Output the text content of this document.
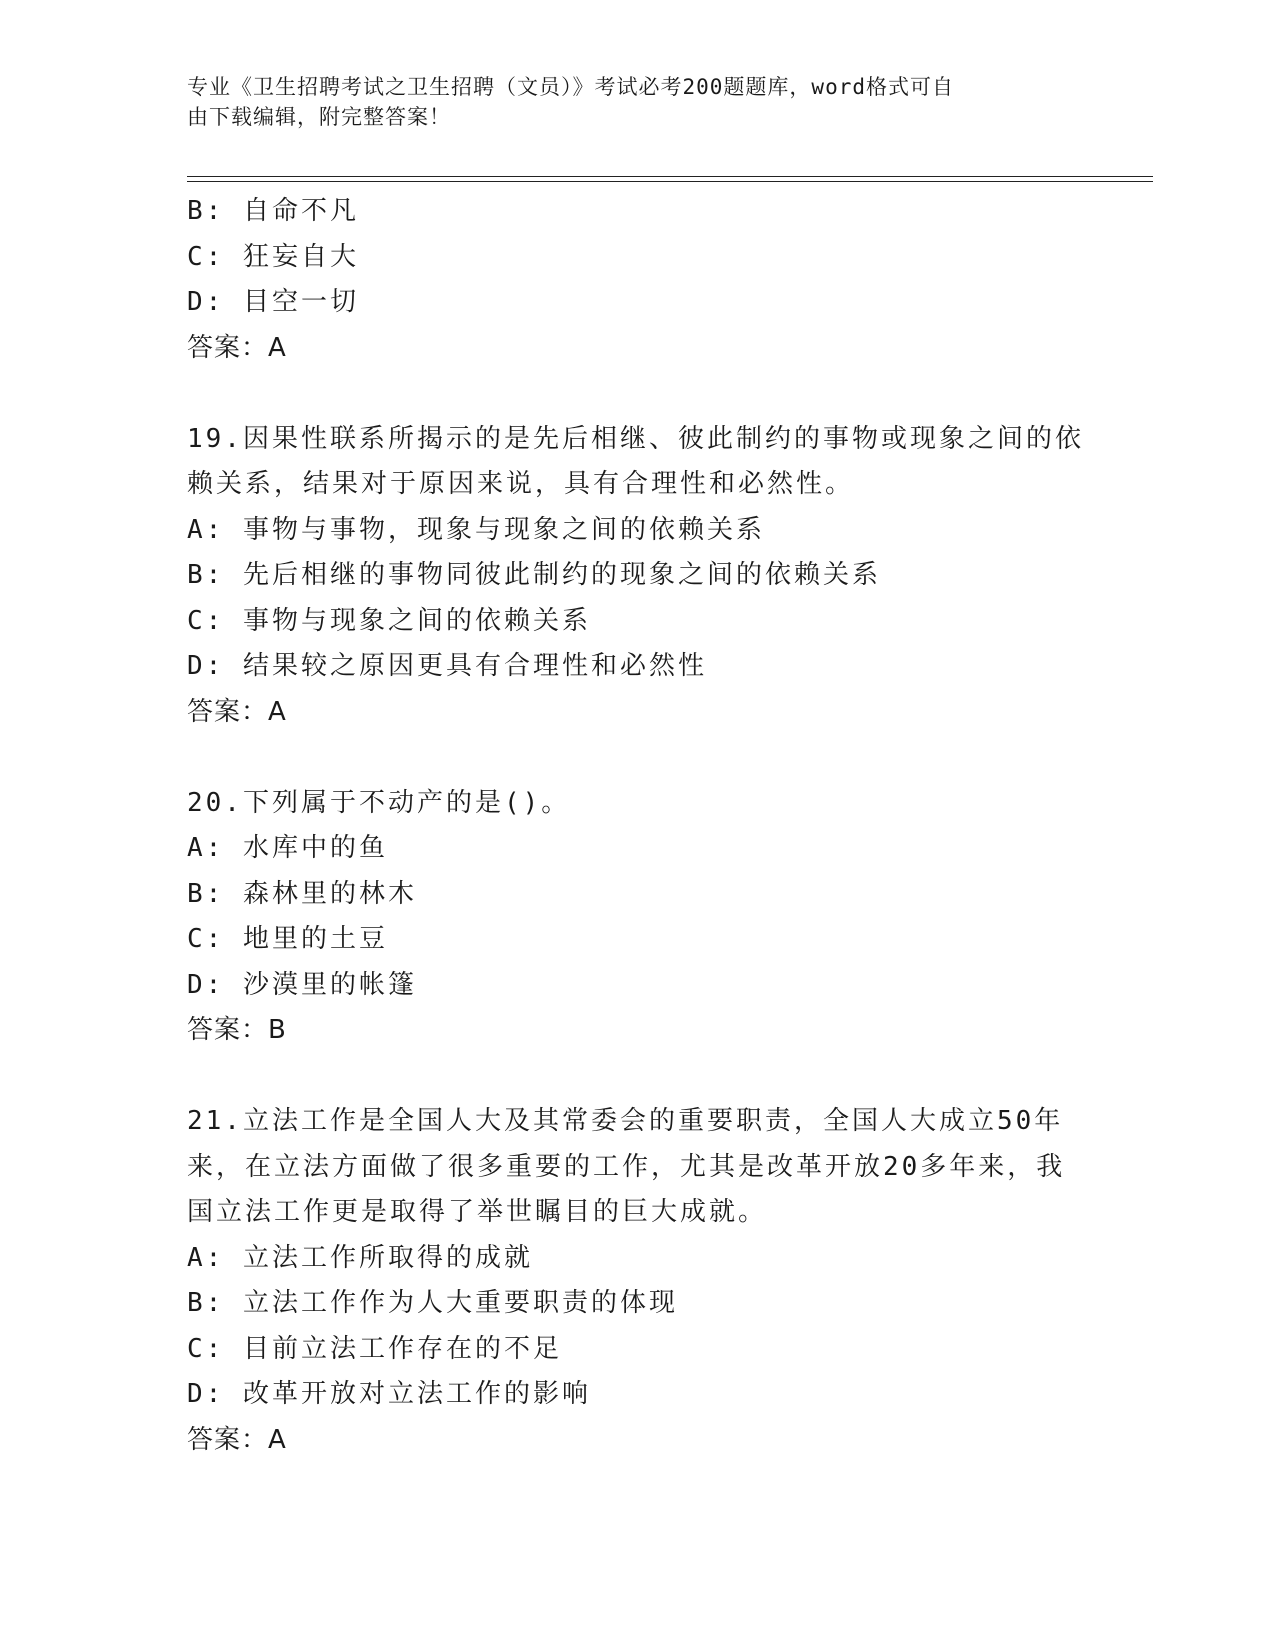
专业《卫生招聘考试之卫生招聘（文员）》考试必考200题题库，word格式可自
由下载编辑，附完整答案！
B: 自命不凡
C: 狂妄自大
D: 目空一切
答案：A
19.因果性联系所揭示的是先后相继、彼此制约的事物或现象之间的依
赖关系，结果对于原因来说，具有合理性和必然性。
A: 事物与事物，现象与现象之间的依赖关系
B: 先后相继的事物同彼此制约的现象之间的依赖关系
C: 事物与现象之间的依赖关系
D: 结果较之原因更具有合理性和必然性
答案：A
20.下列属于不动产的是()。
A: 水库中的鱼
B: 森林里的林木
C: 地里的土豆
D: 沙漠里的帐篷
答案：B
21.立法工作是全国人大及其常委会的重要职责，全国人大成立50年
来，在立法方面做了很多重要的工作，尤其是改革开放20多年来，我
国立法工作更是取得了举世瞩目的巨大成就。
A: 立法工作所取得的成就
B: 立法工作作为人大重要职责的体现
C: 目前立法工作存在的不足
D: 改革开放对立法工作的影响
答案：A
